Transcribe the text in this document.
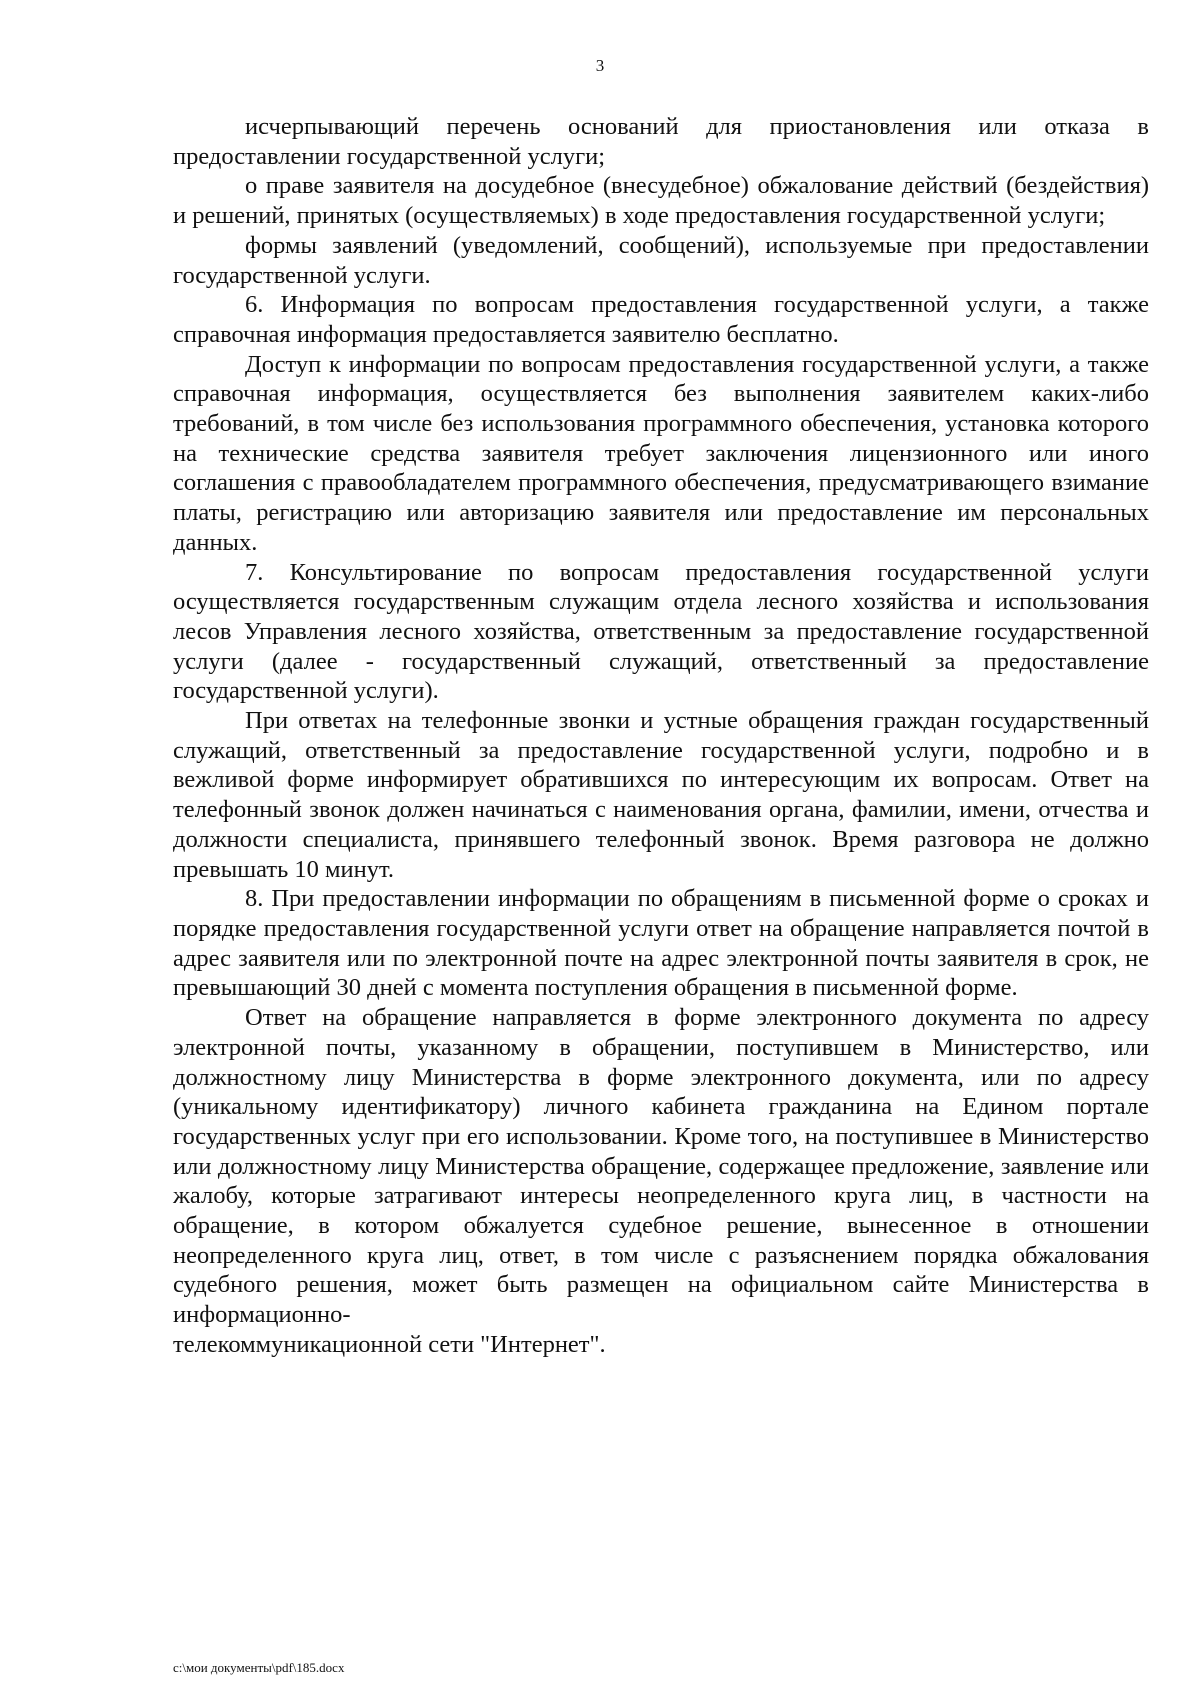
3

исчерпывающий перечень оснований для приостановления или отказа в предоставлении государственной услуги;

о праве заявителя на досудебное (внесудебное) обжалование действий (бездействия) и решений, принятых (осуществляемых) в ходе предоставления государственной услуги;

формы заявлений (уведомлений, сообщений), используемые при предоставлении государственной услуги.

6. Информация по вопросам предоставления государственной услуги, а также справочная информация предоставляется заявителю бесплатно.

Доступ к информации по вопросам предоставления государственной услуги, а также справочная информация, осуществляется без выполнения заявителем каких-либо требований, в том числе без использования программного обеспечения, установка которого на технические средства заявителя требует заключения лицензионного или иного соглашения с правообладателем программного обеспечения, предусматривающего взимание платы, регистрацию или авторизацию заявителя или предоставление им персональных данных.

7. Консультирование по вопросам предоставления государственной услуги осуществляется государственным служащим отдела лесного хозяйства и использования лесов Управления лесного хозяйства, ответственным за предоставление государственной услуги (далее - государственный служащий, ответственный за предоставление государственной услуги).

При ответах на телефонные звонки и устные обращения граждан государственный служащий, ответственный за предоставление государственной услуги, подробно и в вежливой форме информирует обратившихся по интересующим их вопросам. Ответ на телефонный звонок должен начинаться с наименования органа, фамилии, имени, отчества и должности специалиста, принявшего телефонный звонок. Время разговора не должно превышать 10 минут.

8. При предоставлении информации по обращениям в письменной форме о сроках и порядке предоставления государственной услуги ответ на обращение направляется почтой в адрес заявителя или по электронной почте на адрес электронной почты заявителя в срок, не превышающий 30 дней с момента поступления обращения в письменной форме.

Ответ на обращение направляется в форме электронного документа по адресу электронной почты, указанному в обращении, поступившем в Министерство, или должностному лицу Министерства в форме электронного документа, или по адресу (уникальному идентификатору) личного кабинета гражданина на Едином портале государственных услуг при его использовании. Кроме того, на поступившее в Министерство или должностному лицу Министерства обращение, содержащее предложение, заявление или жалобу, которые затрагивают интересы неопределенного круга лиц, в частности на обращение, в котором обжалуется судебное решение, вынесенное в отношении неопределенного круга лиц, ответ, в том числе с разъяснением порядка обжалования судебного решения, может быть размещен на официальном сайте Министерства в информационно-

телекоммуникационной сети "Интернет".

c:\мои документы\pdf\185.docx
